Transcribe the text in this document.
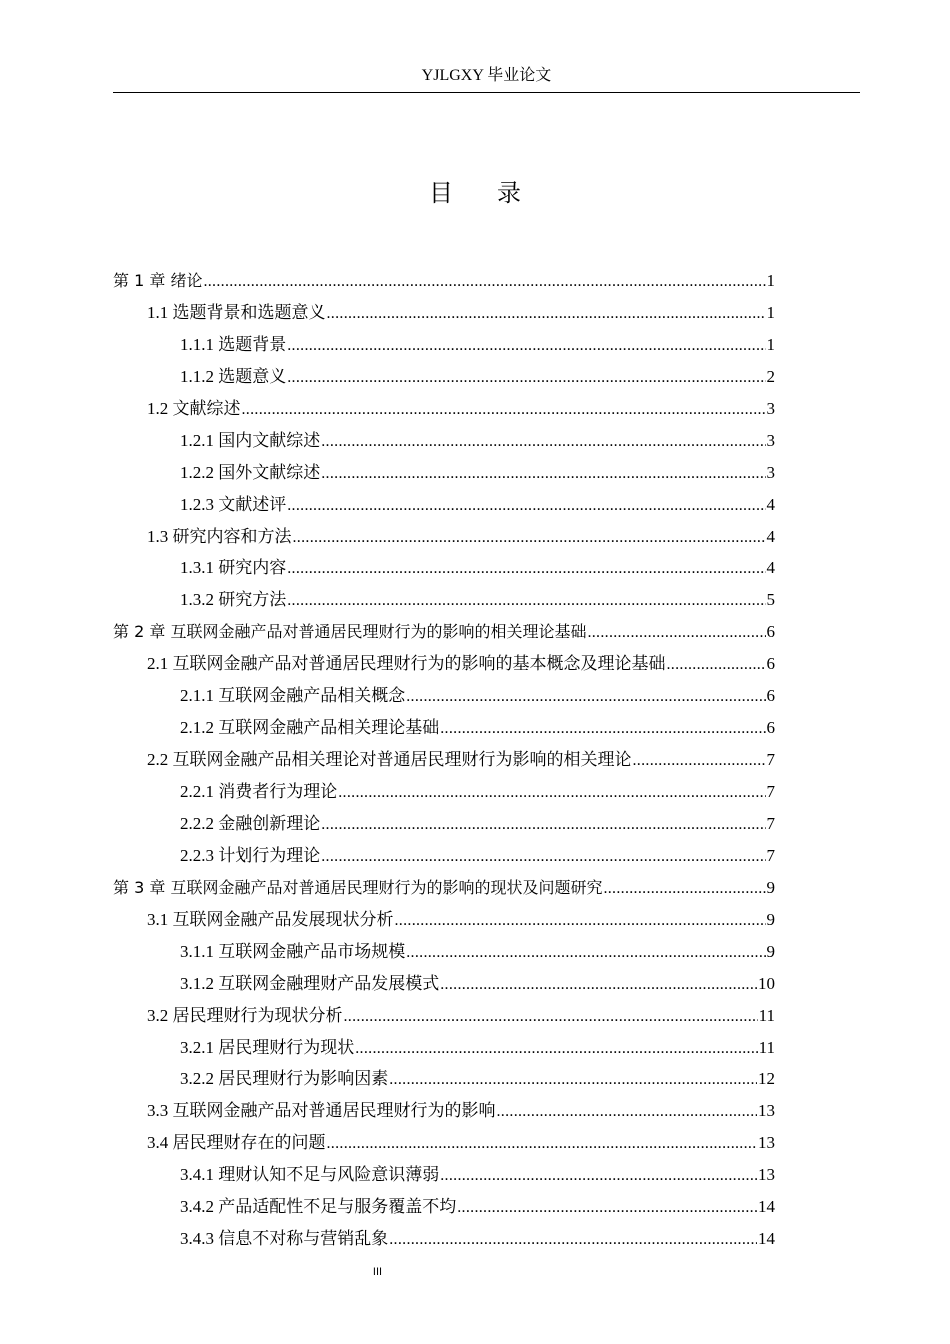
YJLGXY 毕业论文
目录
第 1 章 绪论 .....	1
1.1 选题背景和选题意义 .....	1
1.1.1 选题背景 .....	1
1.1.2 选题意义 .....	2
1.2 文献综述 .....	3
1.2.1 国内文献综述 .....	3
1.2.2 国外文献综述 .....	3
1.2.3 文献述评 .....	4
1.3 研究内容和方法 .....	4
1.3.1 研究内容 .....	4
1.3.2 研究方法 .....	5
第 2 章 互联网金融产品对普通居民理财行为的影响的相关理论基础 .....	6
2.1 互联网金融产品对普通居民理财行为的影响的基本概念及理论基础 .....	6
2.1.1 互联网金融产品相关概念 .....	6
2.1.2 互联网金融产品相关理论基础 .....	6
2.2 互联网金融产品相关理论对普通居民理财行为影响的相关理论 .....	7
2.2.1 消费者行为理论 .....	7
2.2.2 金融创新理论 .....	7
2.2.3 计划行为理论 .....	7
第 3 章 互联网金融产品对普通居民理财行为的影响的现状及问题研究 .....	9
3.1 互联网金融产品发展现状分析 .....	9
3.1.1 互联网金融产品市场规模 .....	9
3.1.2 互联网金融理财产品发展模式 .....	10
3.2 居民理财行为现状分析 .....	11
3.2.1 居民理财行为现状 .....	11
3.2.2 居民理财行为影响因素 .....	12
3.3 互联网金融产品对普通居民理财行为的影响 .....	13
3.4 居民理财存在的问题 .....	13
3.4.1 理财认知不足与风险意识薄弱 .....	13
3.4.2 产品适配性不足与服务覆盖不均 .....	14
3.4.3 信息不对称与营销乱象 .....	14
III
